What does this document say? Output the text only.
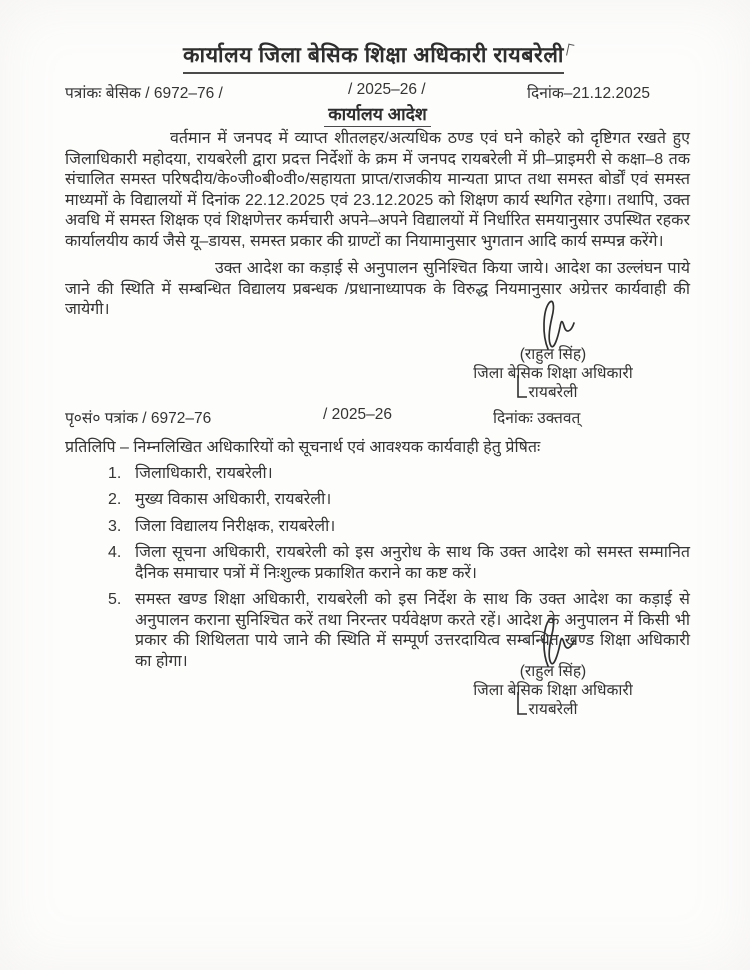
कार्यालय जिला बेसिक शिक्षा अधिकारी रायबरेली
पत्रांकः बेसिक / 6972–76 /	/ 2025–26 /	दिनांक–21.12.2025
कार्यालय आदेश

वर्तमान में जनपद में व्याप्त शीतलहर/अत्यधिक ठण्ड एवं घने कोहरे को दृष्टिगत रखते हुए जिलाधिकारी महोदया, रायबरेली द्वारा प्रदत्त निर्देशों के क्रम में जनपद रायबरेली में प्री–प्राइमरी से कक्षा–8 तक संचालित समस्त परिषदीय/के०जी०बी०वी०/सहायता प्राप्त/राजकीय मान्यता प्राप्त तथा समस्त बोर्डों एवं समस्त माध्यमों के विद्यालयों में दिनांक 22.12.2025 एवं 23.12.2025 को शिक्षण कार्य स्थगित रहेगा। तथापि, उक्त अवधि में समस्त शिक्षक एवं शिक्षणेत्तर कर्मचारी अपने–अपने विद्यालयों में निर्धारित समयानुसार उपस्थित रहकर कार्यालयीय कार्य जैसे यू–डायस, समस्त प्रकार की ग्राण्टों का नियामानुसार भुगतान आदि कार्य सम्पन्न करेंगे।

उक्त आदेश का कड़ाई से अनुपालन सुनिश्चित किया जाये। आदेश का उल्लंघन पाये जाने की स्थिति में सम्बन्धित विद्यालय प्रबन्धक /प्रधानाध्यापक के विरुद्ध नियमानुसार अग्रेत्तर कार्यवाही की जायेगी।

(राहुल सिंह)
जिला बेसिक शिक्षा अधिकारी
रायबरेली
पृ०सं० पत्रांक / 6972–76	/ 2025–26	दिनांकः उक्तवत्

प्रतिलिपि – निम्नलिखित अधिकारियों को सूचनार्थ एवं आवश्यक कार्यवाही हेतु प्रेषितः

1. जिलाधिकारी, रायबरेली।
2. मुख्य विकास अधिकारी, रायबरेली।
3. जिला विद्यालय निरीक्षक, रायबरेली।
4. जिला सूचना अधिकारी, रायबरेली को इस अनुरोध के साथ कि उक्त आदेश को समस्त सम्मानित दैनिक समाचार पत्रों में निःशुल्क प्रकाशित कराने का कष्ट करें।
5. समस्त खण्ड शिक्षा अधिकारी, रायबरेली को इस निर्देश के साथ कि उक्त आदेश का कड़ाई से अनुपालन कराना सुनिश्चित करें तथा निरन्तर पर्यवेक्षण करते रहें। आदेश के अनुपालन में किसी भी प्रकार की शिथिलता पाये जाने की स्थिति में सम्पूर्ण उत्तरदायित्व सम्बन्धित खण्ड शिक्षा अधिकारी का होगा।
(राहुल सिंह)
जिला बेसिक शिक्षा अधिकारी
रायबरेली
